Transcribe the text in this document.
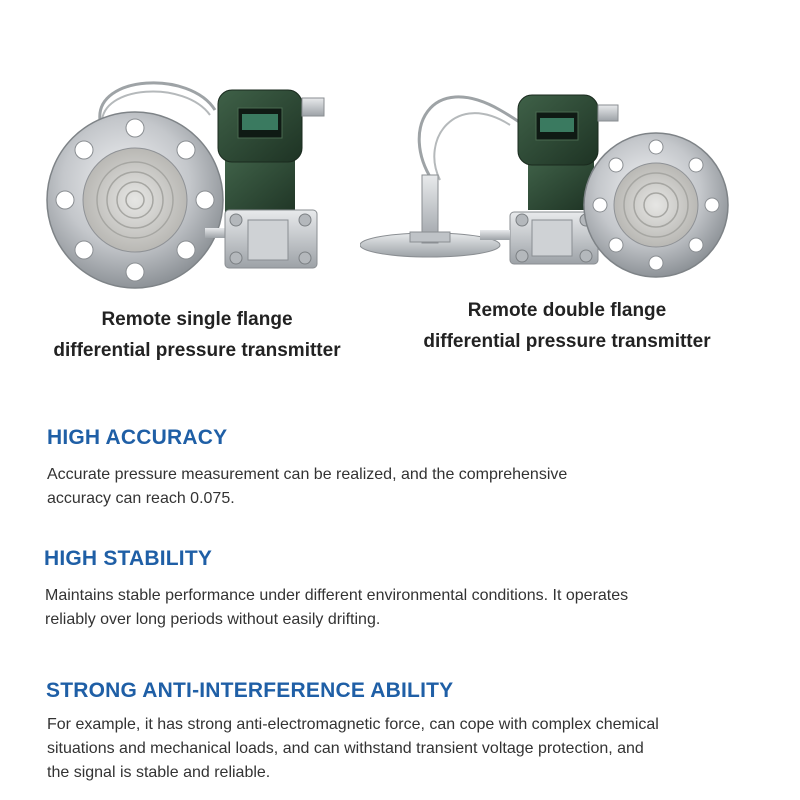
Remote single flange
differential pressure transmitter

Remote double flange
differential pressure transmitter

HIGH ACCURACY

Accurate pressure measurement can be realized, and the comprehensive
accuracy can reach 0.075.

HIGH STABILITY

Maintains stable performance under different environmental conditions. It operates
reliably over long periods without easily drifting.

STRONG ANTI-INTERFERENCE ABILITY

For example, it has strong anti-electromagnetic force, can cope with complex chemical
situations and mechanical loads, and can withstand transient voltage protection, and
the signal is stable and reliable.
